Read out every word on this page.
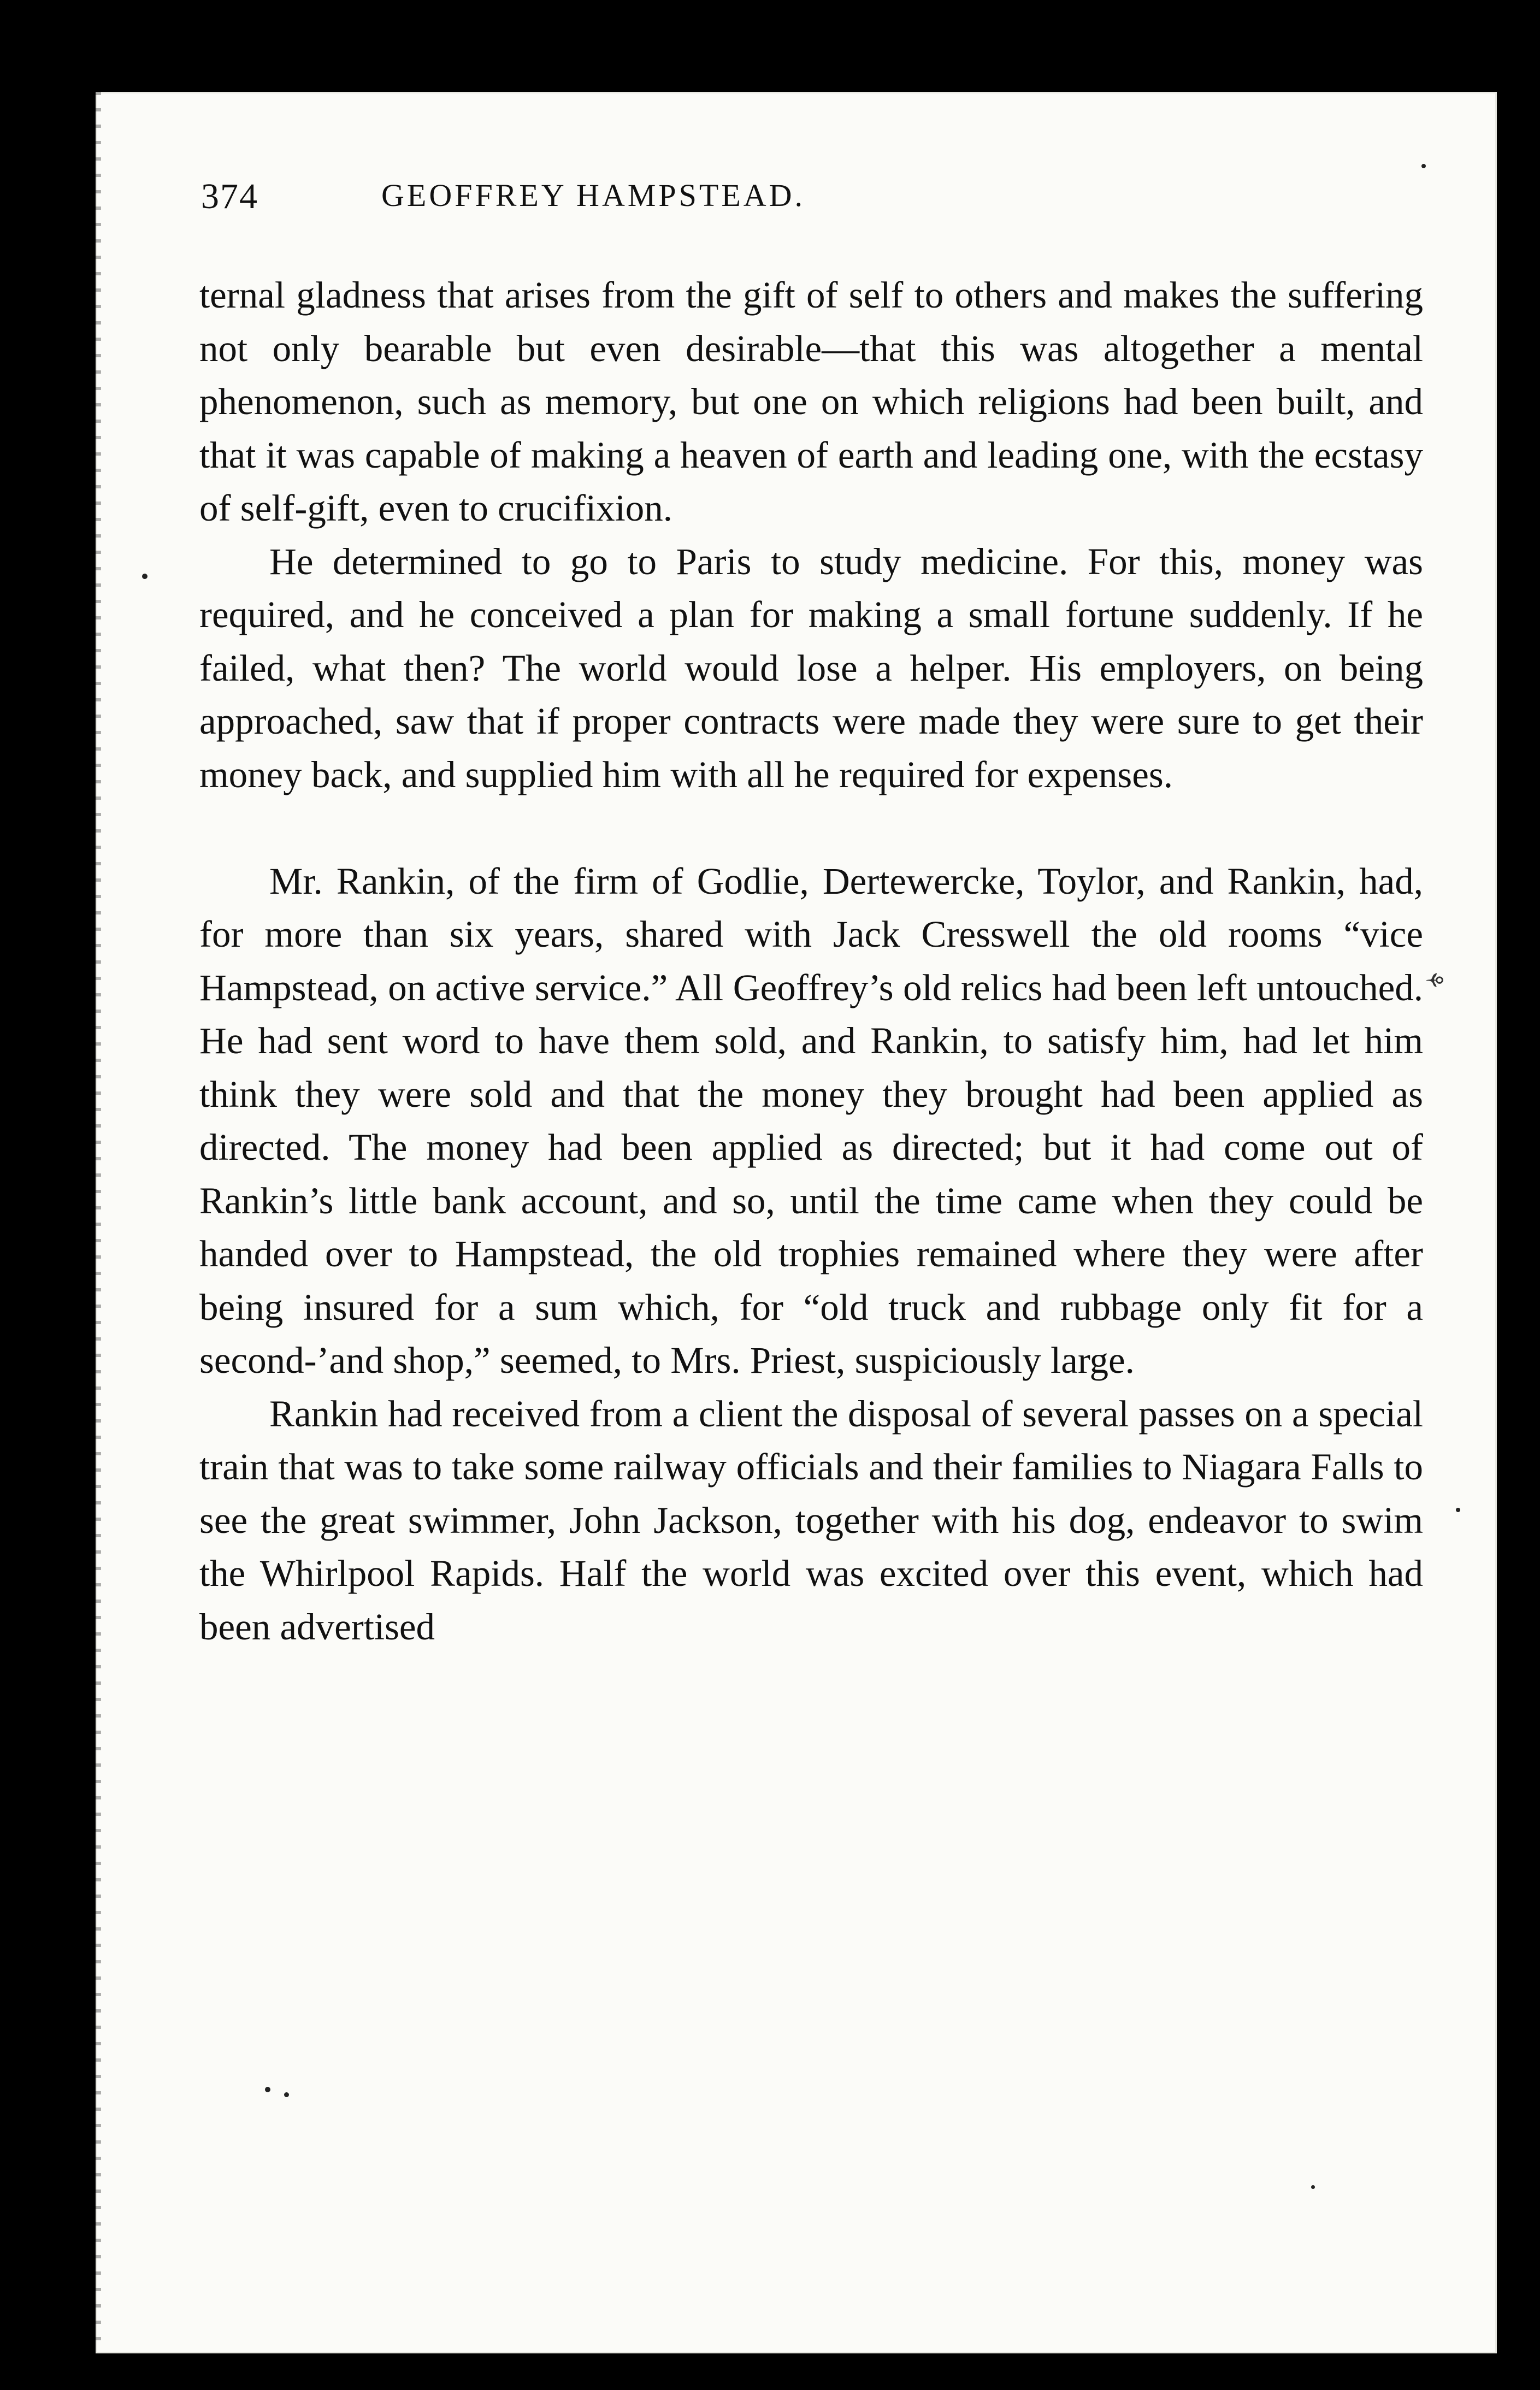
374	GEOFFREY HAMPSTEAD.

ternal gladness that arises from the gift of self to others and makes the suffering not only bearable but even desirable—that this was altogether a mental phenomenon, such as memory, but one on which religions had been built, and that it was capable of making a heaven of earth and leading one, with the ecstasy of self-gift, even to crucifixion.

He determined to go to Paris to study medicine. For this, money was required, and he conceived a plan for making a small fortune suddenly. If he failed, what then? The world would lose a helper. His employers, on being approached, saw that if proper contracts were made they were sure to get their money back, and supplied him with all he required for expenses.

Mr. Rankin, of the firm of Godlie, Dertewercke, Toylor, and Rankin, had, for more than six years, shared with Jack Cresswell the old rooms “vice Hampstead, on active service.” All Geoffrey’s old relics had been left untouched. He had sent word to have them sold, and Rankin, to satisfy him, had let him think they were sold and that the money they brought had been applied as directed. The money had been applied as directed; but it had come out of Rankin’s little bank account, and so, until the time came when they could be handed over to Hampstead, the old trophies remained where they were after being insured for a sum which, for “old truck and rubbage only fit for a second-’and shop,” seemed, to Mrs. Priest, suspiciously large.

Rankin had received from a client the disposal of several passes on a special train that was to take some railway officials and their families to Niagara Falls to see the great swimmer, John Jackson, together with his dog, endeavor to swim the Whirlpool Rapids. Half the world was excited over this event, which had been advertised

⚘
